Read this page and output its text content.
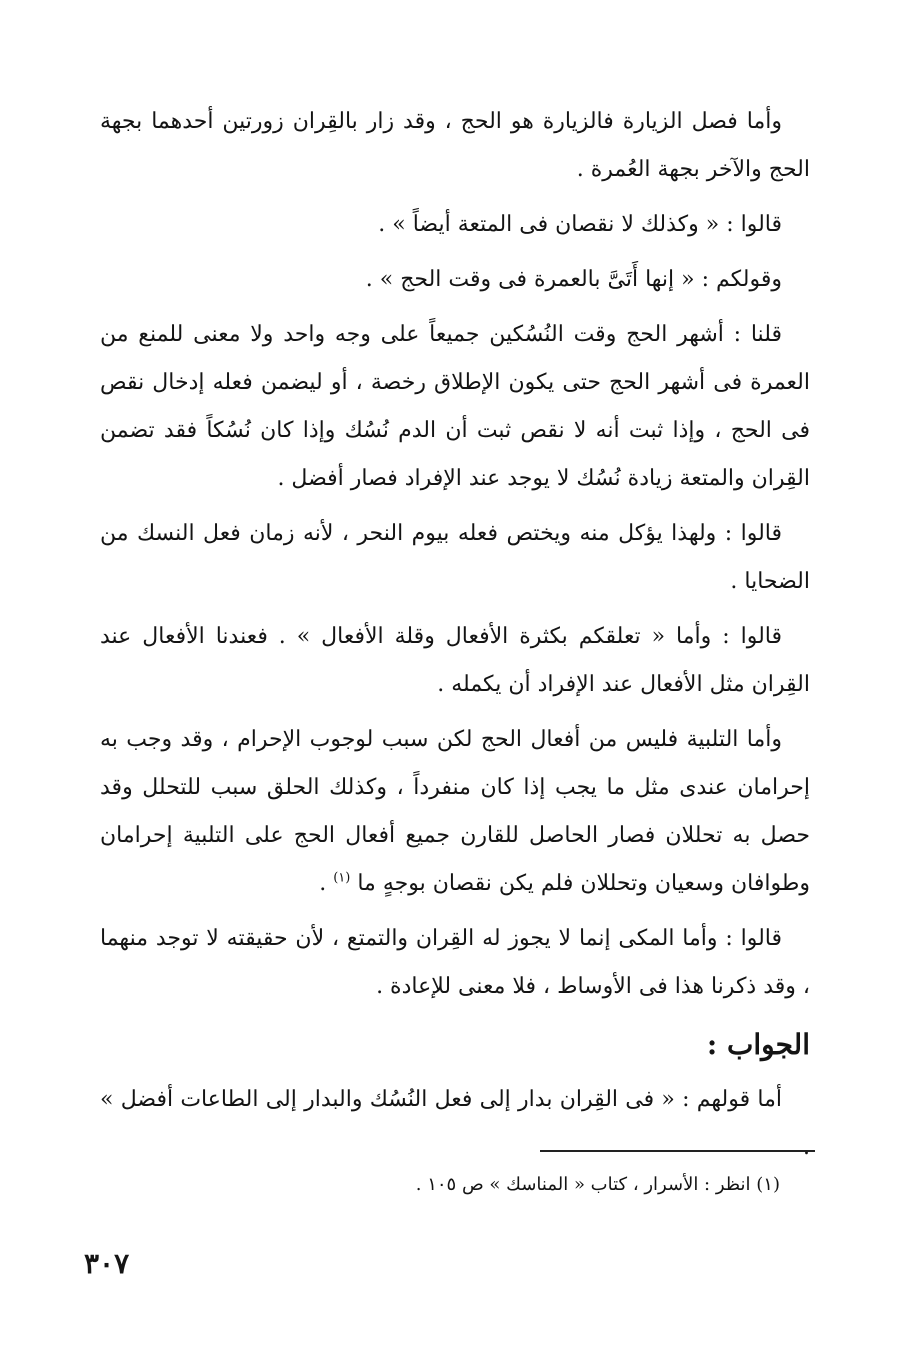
وأما فصل الزيارة فالزيارة هو الحج ، وقد زار بالقِران زورتين أحدهما بجهة الحج والآخر بجهة العُمرة .

قالوا : « وكذلك لا نقصان فى المتعة أيضاً » .

وقولكم : « إنها أَتَىَّ بالعمرة فى وقت الحج » .

قلنا : أشهر الحج وقت النُسُكين جميعاً على وجه واحد ولا معنى للمنع من العمرة فى أشهر الحج حتى يكون الإطلاق رخصة ، أو ليضمن فعله إدخال نقص فى الحج ، وإذا ثبت أنه لا نقص ثبت أن الدم نُسُك وإذا كان نُسُكاً فقد تضمن القِران والمتعة زيادة نُسُك لا يوجد عند الإفراد فصار أفضل .

قالوا : ولهذا يؤكل منه ويختص فعله بيوم النحر ، لأنه زمان فعل النسك من الضحايا .

قالوا : وأما « تعلقكم بكثرة الأفعال وقلة الأفعال » . فعندنا الأفعال عند القِران مثل الأفعال عند الإفراد أن يكمله .

وأما التلبية فليس من أفعال الحج لكن سبب لوجوب الإحرام ، وقد وجب به إحرامان عندى مثل ما يجب إذا كان منفرداً ، وكذلك الحلق سبب للتحلل وقد حصل به تحللان فصار الحاصل للقارن جميع أفعال الحج على التلبية إحرامان وطوافان وسعيان وتحللان فلم يكن نقصان بوجهٍ ما $^{(١)}$ .

قالوا : وأما المكى إنما لا يجوز له القِران والتمتع ، لأن حقيقته لا توجد منهما ، وقد ذكرنا هذا فى الأوساط ، فلا معنى للإعادة .

الجواب :

أما قولهم : « فى القِران بدار إلى فعل النُسُك والبدار إلى الطاعات أفضل » .

(١) انظر : الأسرار ، كتاب « المناسك » ص ١٠٥ .
٣٠٧
